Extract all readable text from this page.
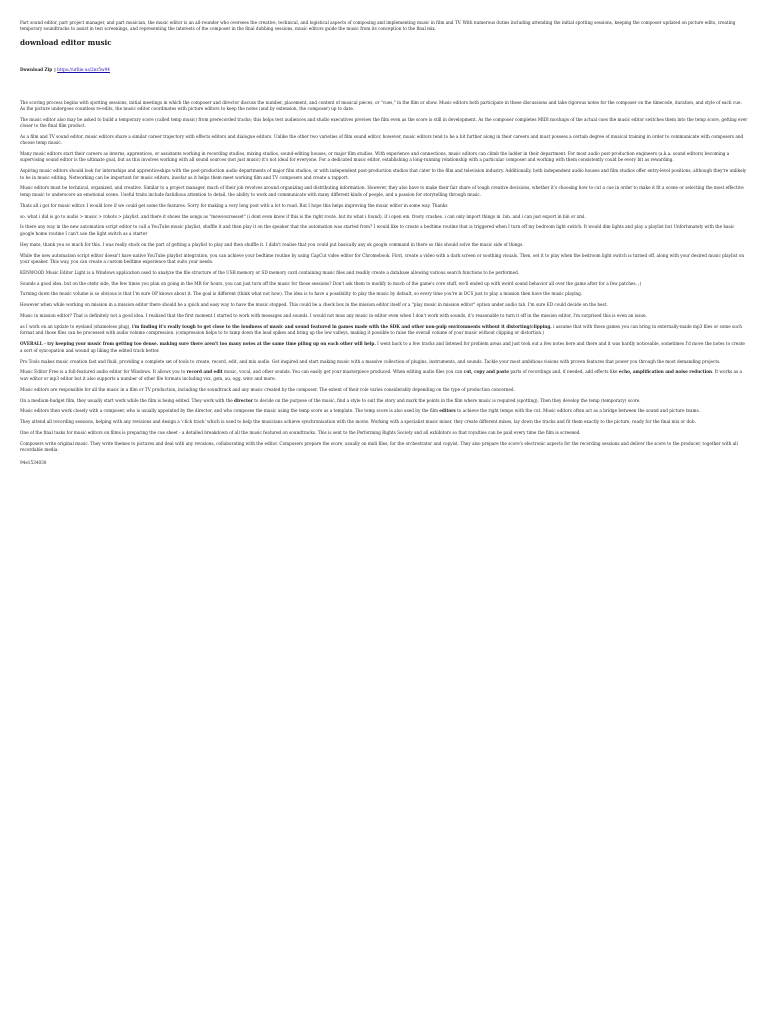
Part sound editor, part project manager, and part musician, the music editor is an all-rounder who oversees the creative, technical, and logistical aspects of composing and implementing music in film and TV. With numerous duties including attending the initial spotting sessions, keeping the composer updated on picture edits, creating temporary soundtracks to assist in test screenings, and representing the interests of the composer in the final dubbing sessions, music editors guide the music from its conception to the final mix.
download editor music
Download Zip ▯ https://urllie.us/2nr5w94
The scoring process begins with spotting sessions, initial meetings in which the composer and director discuss the number, placement, and content of musical pieces, or "cues," in the film or show. Music editors both participate in these discussions and take rigorous notes for the composer on the timecode, duration, and style of each cue. As the picture undergoes countless re-edits, the music editor coordinates with picture editors to keep the notes (and by extension, the composer) up to date.
The music editor also may be asked to build a temporary score (called temp music) from prerecorded tracks; this helps test audiences and studio executives preview the film even as the score is still in development. As the composer completes MIDI mockups of the actual cues the music editor switches them into the temp score, getting ever closer to the final film product.
As a film and TV sound editor, music editors share a similar career trajectory with effects editors and dialogue editors. Unlike the other two varieties of film sound editor, however, music editors tend to be a bit further along in their careers and must possess a certain degree of musical training in order to communicate with composers and choose temp music.
Many music editors start their careers as interns, apprentices, or assistants working in recording studios, mixing studios, sound-editing houses, or major film studios. With experience and connections, music editors can climb the ladder in their department. For most audio post-production engineers (a.k.a. sound editors) becoming a supervising sound editor is the ultimate goal, but as this involves working with all sound sources (not just music) it's not ideal for everyone. For a dedicated music editor, establishing a long-running relationship with a particular composer and working with them consistently could be every bit as rewarding.
Aspiring music editors should look for internships and apprenticeships with the post-production audio departments of major film studios, or with independent post-production studios that cater to the film and television industry. Additionally, both independent audio houses and film studios offer entry-level positions, although they're unlikely to be in music editing. Networking can be important for music editors, insofar as it helps them meet working film and TV composers and create a rapport.
Music editors must be technical, organized, and creative. Similar to a project manager, much of their job revolves around organizing and distributing information. However, they also have to make their fair share of tough creative decisions, whether it's choosing how to cut a cue in order to make it fit a scene or selecting the most effective temp music to underscore an emotional scene. Useful traits include fastidious attention to detail, the ability to work and communicate with many different kinds of people, and a passion for storytelling through music.
Thats all i got for music editor. I would love if we could get some the features. Sorry for making a very long post with a lot to read. But I hope this helps improving the music editor in some way. Thanks
so. what i did is go to audio > music > robots > playlist. and there it shows the songs as "mewsoursesset" (i dont even know if this is the right route. but its what i found). if i open em. frosty crashes. i can only import things in .bin. and i can just export in bin or xml.
Is there any way in the new automation script editor to call a YouTube music playlist, shuffle it and then play it on the speaker that the automation was started from? I would like to create a bedtime routine that is triggered when I turn off my bedroom light switch. It would dim lights and play a playlist but Unfortunately with the basic google home routine I can't use the light switch as a starter
Hey mate, thank you so much for this. I was really stuck on the part of getting a playlist to play and then shuffle it. I didn't realise that you could put basically any ok google command in there so this should solve the music side of things.
While the new automation script editor doesn't have native YouTube playlist integration, you can achieve your bedtime routine by using CapCut video editor for Chromebook. First, create a video with a dark screen or soothing visuals. Then, set it to play when the bedroom light switch is turned off, along with your desired music playlist on your speaker. This way, you can create a custom bedtime experience that suits your needs.
KENWOOD Music Editor Light is a Windows application used to analyze the file structure of the USB memory or SD memory card containing music files and readily create a database allowing various search functions to be performed.
Sounds a good idea, but on the otehr side, the few times you plan on going in the MR for hours, you can just turn off the music for those sessions? Don't ask them to modify to much of the game's core stuff, we'll ended up with weird sound behavior all over the game after for a few patches. ;)
Turning down the music volume is so obvious is that I'm sure OP knows about it. The goal is different (think what not how). The idea is to have a possibility to play the music by default, so every time you're in DCS just to play a mission then have the music playing.
However when while working on mission in a mission editor there should be a quick and easy way to have the music stopped. This could be a check box in the mission editor itself or a "play music in mission editor" option under audio tab. I'm sure ED could decide on the best.
Music in mission editor? That is definitely not a good idea. I realized that the first moment I started to work with messages and sounds. I would not miss any music in editor even when I don't work with sounds, it's reasonable to turn it off in the mission editor, I'm surprised this is even an issue.
as I work on an update to eyeland (shameless plug), i'm finding it's really tough to get close to the loudness of music and sound featured in games made with the SDK and other non-pulp environments without it distorting/clipping. i assume that with those games you can bring in externally-made mp3 files or some such format and those files can be processed with audio volume compression. (compression helps to to tamp down the lead spikes and bring up the low valleys, making it possible to raise the overall volume of your music without clipping or distortion.)
OVERALL - try keeping your music from getting too dense. making sure there aren't too many notes at the same time piling up on each other will help. I went back to a few tracks and listened for problem areas and just took out a few notes here and there and it was hardly noticeable, sometimes I'd move the notes to create a sort of syncopation and wound up liking the edited track better.
Pro Tools makes music creation fast and fluid, providing a complete set of tools to create, record, edit, and mix audio. Get inspired and start making music with a massive collection of plugins, instruments, and sounds. Tackle your most ambitious visions with proven features that power you through the most demanding projects.
Music Editor Free is a full-featured audio editor for Windows. It allows you to record and edit music, vocal, and other sounds. You can easily get your masterpiece produced. When editing audio files you can cut, copy and paste parts of recordings and, if needed, add effects like echo, amplification and noise reduction. It works as a wav editor or mp3 editor but it also supports a number of other file formats including vox, gsm, au, ogg, wmv and more.
Music editors are responsible for all the music in a film or TV production, including the soundtrack and any music created by the composer. The extent of their role varies considerably depending on the type of production concerned.
On a medium-budget film, they usually start work while the film is being edited. They work with the director to decide on the purpose of the music, find a style to suit the story and mark the points in the film where music is required (spotting). Then they develop the temp (temporary) score.
Music editors then work closely with a composer, who is usually appointed by the director, and who composes the music using the temp score as a template. The temp score is also used by the film editors to achieve the right tempo with the cut. Music editors often act as a bridge between the sound and picture teams.
They attend all recording sessions, helping with any revisions and design a 'click track' which is used to help the musicians achieve synchronisation with the movie. Working with a specialist music mixer, they create different mixes, lay down the tracks and fit them exactly to the picture, ready for the final mix or dub.
One of the final tasks for music editors on films is preparing the cue sheet - a detailed breakdown of all the music featured on soundtracks. This is sent to the Performing Rights Society and all exhibitors so that royalties can be paid every time the film is screened.
Composers write original music. They write themes to pictures and deal with any revisions, collaborating with the editor. Composers prepare the score, usually on midi files, for the orchestrator and copyist. They also prepare the score's electronic aspects for the recording sessions and deliver the score to the producer, together with all recordable media.
94e1534030
